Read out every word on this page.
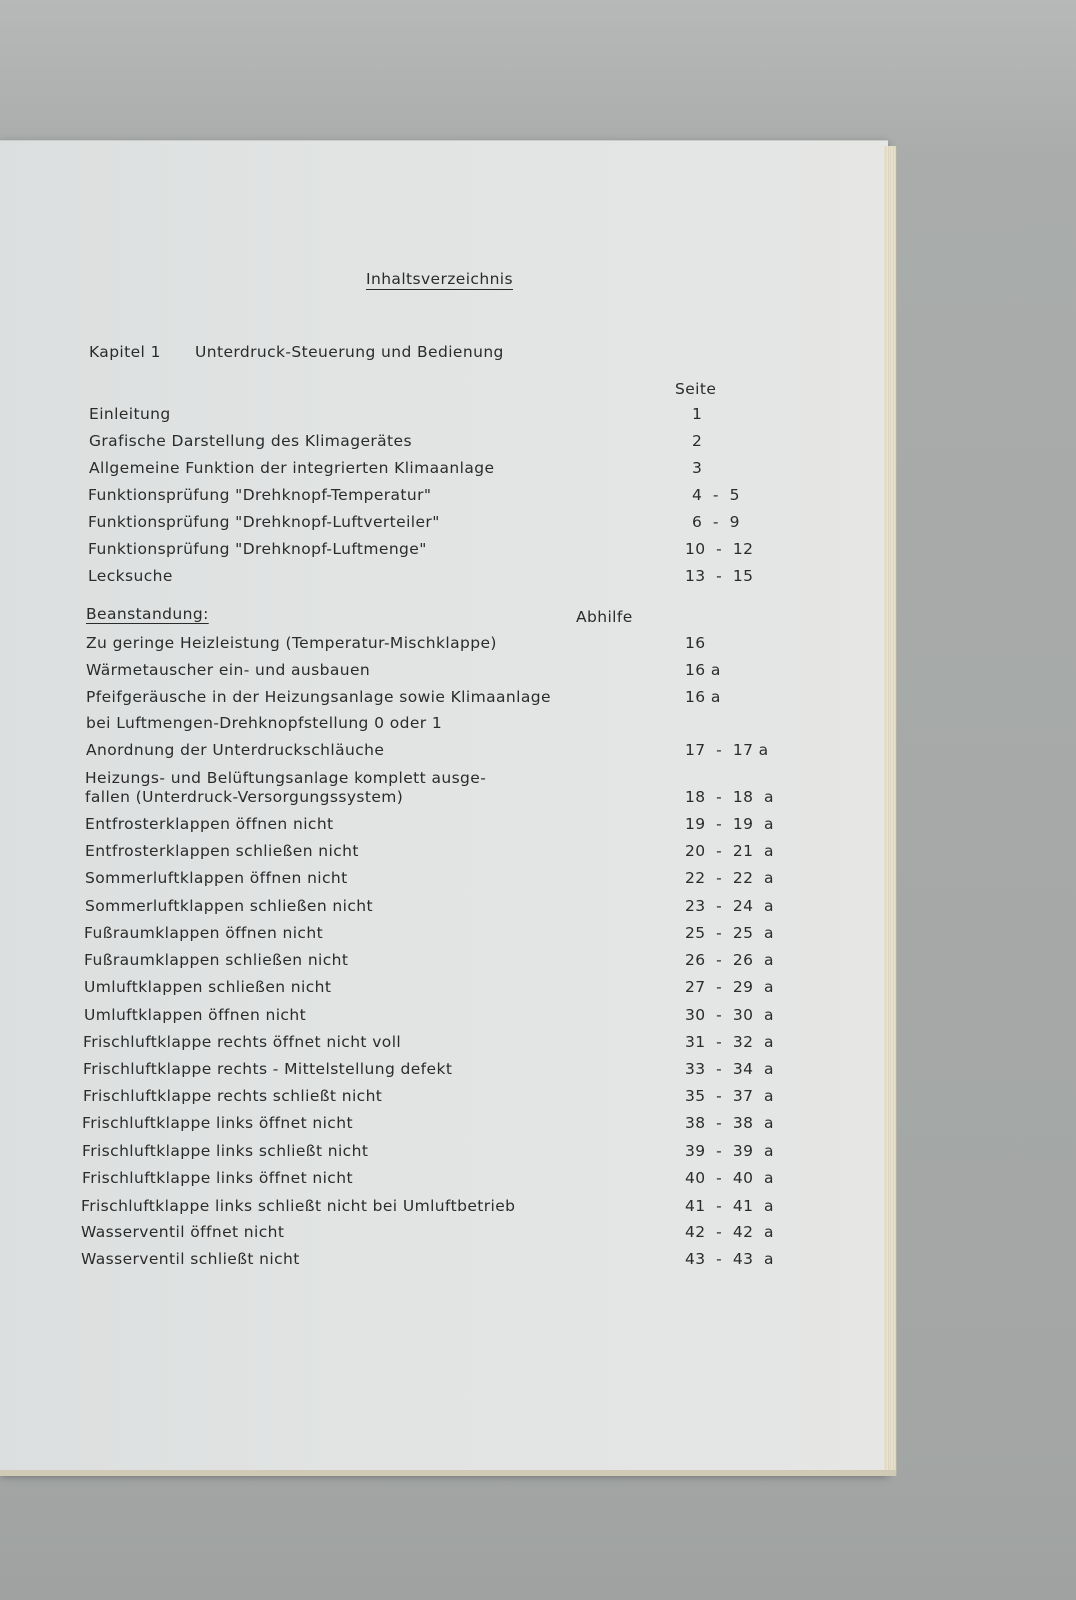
Inhaltsverzeichnis
Kapitel 1 Unterdruck-Steuerung und Bedienung
Seite
Einleitung	1
Grafische Darstellung des Klimagerätes	2
Allgemeine Funktion der integrierten Klimaanlage	3
Funktionsprüfung "Drehknopf-Temperatur"	4  -  5
Funktionsprüfung "Drehknopf-Luftverteiler"	6  -  9
Funktionsprüfung "Drehknopf-Luftmenge"	10  -  12
Lecksuche	13  -  15
Beanstandung:	Abhilfe
Zu geringe Heizleistung (Temperatur-Mischklappe)	16
Wärmetauscher ein- und ausbauen	16 a
Pfeifgeräusche in der Heizungsanlage sowie Klimaanlage	16 a
bei Luftmengen-Drehknopfstellung 0 oder 1
Anordnung der Unterdruckschläuche	17  -  17 a
Heizungs- und Belüftungsanlage komplett ausge-
fallen (Unterdruck-Versorgungssystem)	18  -  18  a
Entfrosterklappen öffnen nicht	19  -  19  a
Entfrosterklappen schließen nicht	20  -  21  a
Sommerluftklappen öffnen nicht	22  -  22  a
Sommerluftklappen schließen nicht	23  -  24  a
Fußraumklappen öffnen nicht	25  -  25  a
Fußraumklappen schließen nicht	26  -  26  a
Umluftklappen schließen nicht	27  -  29  a
Umluftklappen öffnen nicht	30  -  30  a
Frischluftklappe rechts öffnet nicht voll	31  -  32  a
Frischluftklappe rechts - Mittelstellung defekt	33  -  34  a
Frischluftklappe rechts schließt nicht	35  -  37  a
Frischluftklappe links öffnet nicht	38  -  38  a
Frischluftklappe links schließt nicht	39  -  39  a
Frischluftklappe links öffnet nicht	40  -  40  a
Frischluftklappe links schließt nicht bei Umluftbetrieb	41  -  41  a
Wasserventil öffnet nicht	42  -  42  a
Wasserventil schließt nicht	43  -  43  a
